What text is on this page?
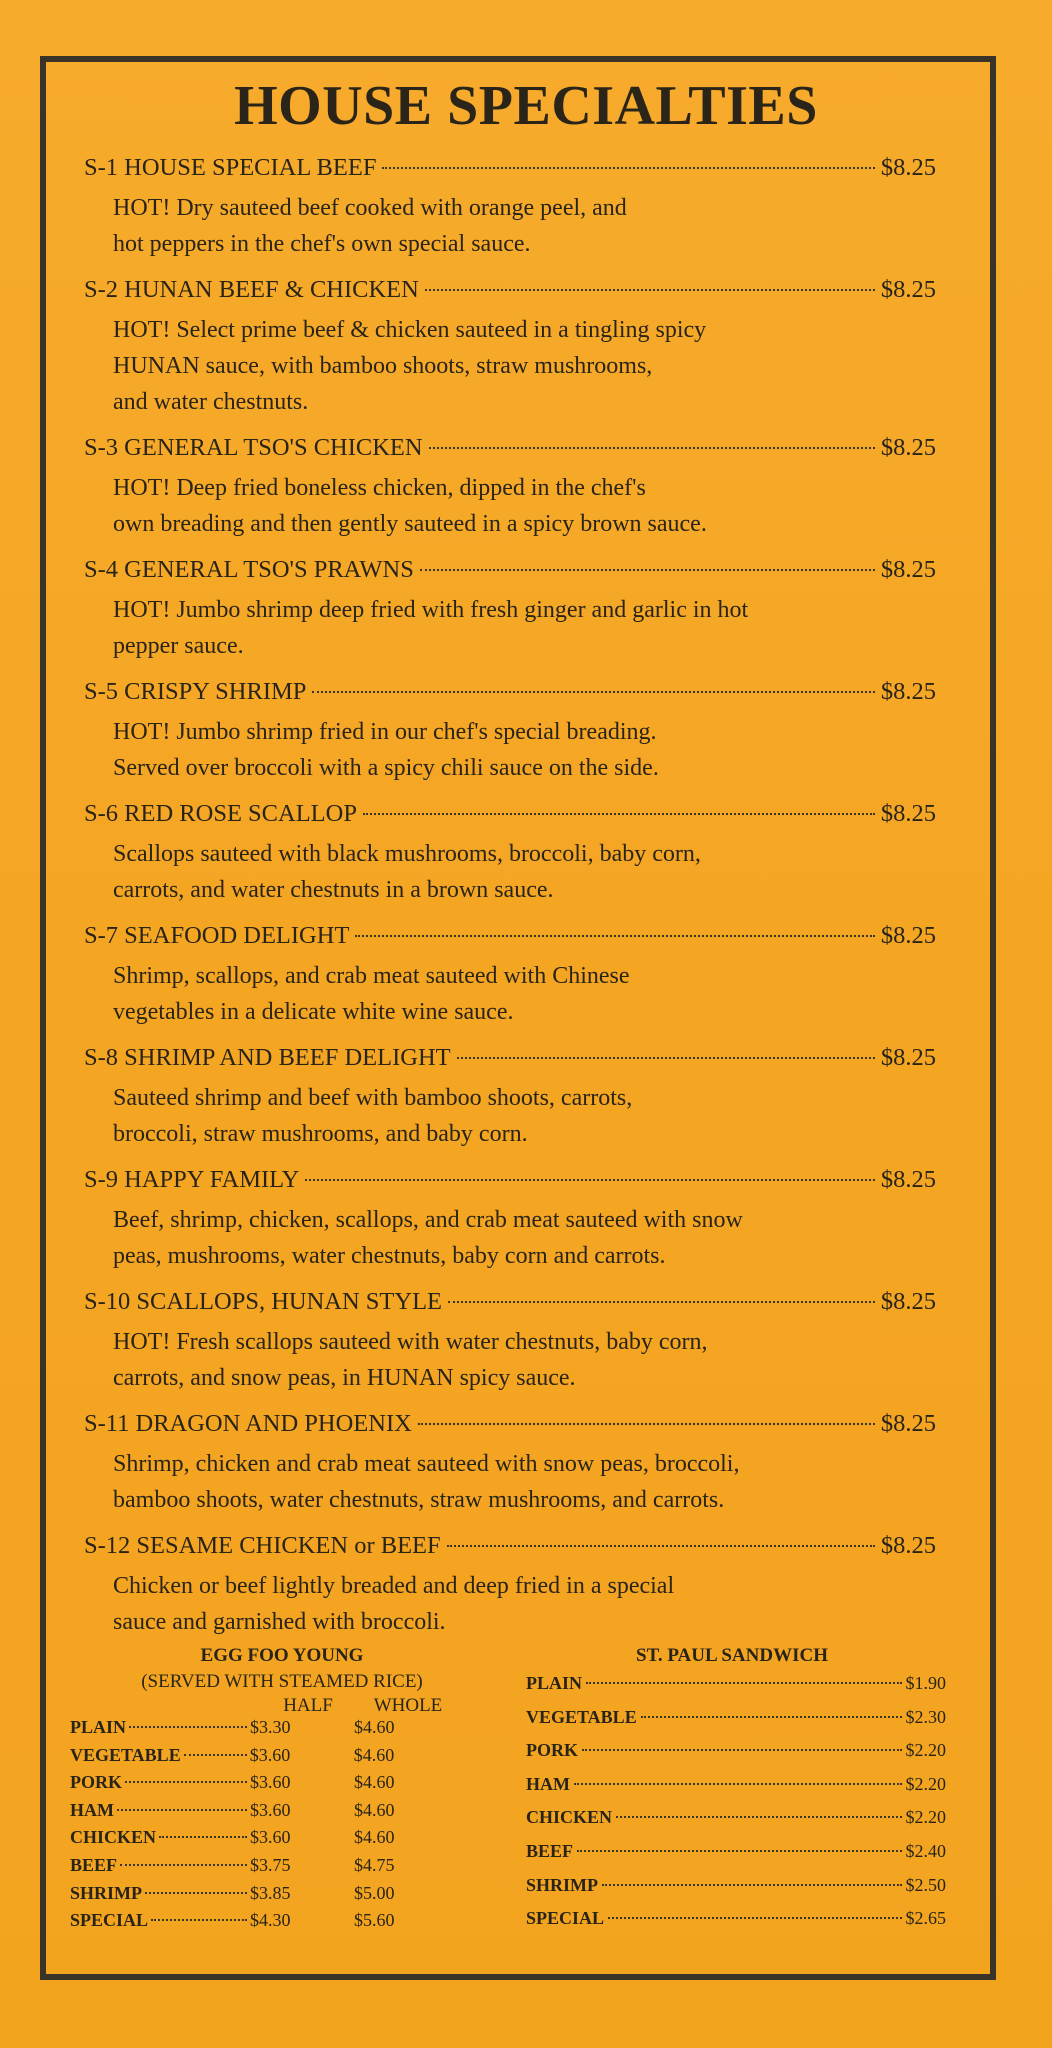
HOUSE SPECIALTIES
S-1 HOUSE SPECIAL BEEF	$8.25
HOT! Dry sauteed beef cooked with orange peel, and
hot peppers in the chef's own special sauce.
S-2 HUNAN BEEF & CHICKEN	$8.25
HOT! Select prime beef & chicken sauteed in a tingling spicy
HUNAN sauce, with bamboo shoots, straw mushrooms,
and water chestnuts.
S-3 GENERAL TSO'S CHICKEN	$8.25
HOT! Deep fried boneless chicken, dipped in the chef's
own breading and then gently sauteed in a spicy brown sauce.
S-4 GENERAL TSO'S PRAWNS	$8.25
HOT! Jumbo shrimp deep fried with fresh ginger and garlic in hot
pepper sauce.
S-5 CRISPY SHRIMP	$8.25
HOT! Jumbo shrimp fried in our chef's special breading.
Served over broccoli with a spicy chili sauce on the side.
S-6 RED ROSE SCALLOP	$8.25
Scallops sauteed with black mushrooms, broccoli, baby corn,
carrots, and water chestnuts in a brown sauce.
S-7 SEAFOOD DELIGHT	$8.25
Shrimp, scallops, and crab meat sauteed with Chinese
vegetables in a delicate white wine sauce.
S-8 SHRIMP AND BEEF DELIGHT	$8.25
Sauteed shrimp and beef with bamboo shoots, carrots,
broccoli, straw mushrooms, and baby corn.
S-9 HAPPY FAMILY	$8.25
Beef, shrimp, chicken, scallops, and crab meat sauteed with snow
peas, mushrooms, water chestnuts, baby corn and carrots.
S-10 SCALLOPS, HUNAN STYLE	$8.25
HOT! Fresh scallops sauteed with water chestnuts, baby corn,
carrots, and snow peas, in HUNAN spicy sauce.
S-11 DRAGON AND PHOENIX	$8.25
Shrimp, chicken and crab meat sauteed with snow peas, broccoli,
bamboo shoots, water chestnuts, straw mushrooms, and carrots.
S-12 SESAME CHICKEN or BEEF	$8.25
Chicken or beef lightly breaded and deep fried in a special
sauce and garnished with broccoli.
EGG FOO YOUNG
(SERVED WITH STEAMED RICE)
HALF	WHOLE
PLAIN	$3.30	$4.60
VEGETABLE	$3.60	$4.60
PORK	$3.60	$4.60
HAM	$3.60	$4.60
CHICKEN	$3.60	$4.60
BEEF	$3.75	$4.75
SHRIMP	$3.85	$5.00
SPECIAL	$4.30	$5.60
ST. PAUL SANDWICH
PLAIN	$1.90
VEGETABLE	$2.30
PORK	$2.20
HAM	$2.20
CHICKEN	$2.20
BEEF	$2.40
SHRIMP	$2.50
SPECIAL	$2.65
